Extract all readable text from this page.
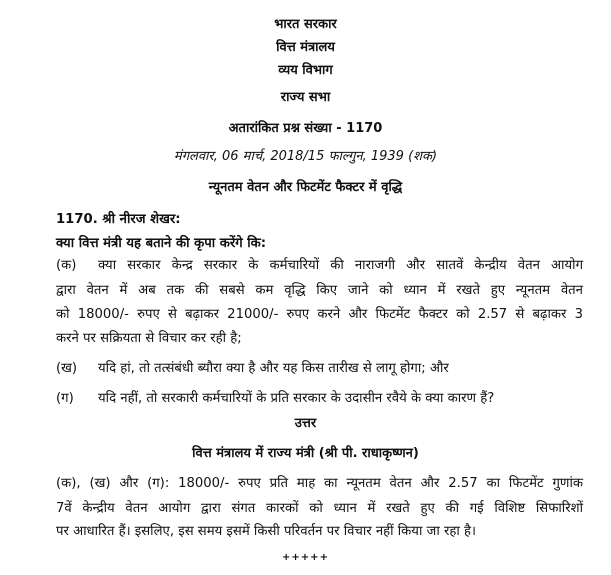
भारत सरकार
वित्त मंत्रालय
व्यय विभाग
राज्य सभा
अतारांकित प्रश्न संख्या - 1170
मंगलवार, 06 मार्च, 2018/15 फाल्गुन, 1939 (शक)
न्यूनतम वेतन और फिटमेंट फैक्टर में वृद्धि
1170. श्री नीरज शेखर:
क्या वित्त मंत्री यह बताने की कृपा करेंगे कि:
(क) क्या सरकार केन्द्र सरकार के कर्मचारियों की नाराजगी और सातवें केन्द्रीय वेतन आयोग
द्वारा वेतन में अब तक की सबसे कम वृद्धि किए जाने को ध्यान में रखते हुए न्यूनतम वेतन
को 18000/- रुपए से बढ़ाकर 21000/- रुपए करने और फिटमेंट फैक्टर को 2.57 से बढ़ाकर 3
करने पर सक्रियता से विचार कर रही है;
(ख) यदि हां, तो तत्संबंधी ब्यौरा क्या है और यह किस तारीख से लागू होगा; और
(ग) यदि नहीं, तो सरकारी कर्मचारियों के प्रति सरकार के उदासीन रवैये के क्या कारण हैं?
उत्तर
वित्त मंत्रालय में राज्य मंत्री (श्री पी. राधाकृष्णन)
(क), (ख) और (ग): 18000/- रुपए प्रति माह का न्यूनतम वेतन और 2.57 का फिटमेंट गुणांक
7वें केन्द्रीय वेतन आयोग द्वारा संगत कारकों को ध्यान में रखते हुए की गई विशिष्ट सिफारिशों
पर आधारित हैं। इसलिए, इस समय इसमें किसी परिवर्तन पर विचार नहीं किया जा रहा है।
+++++
